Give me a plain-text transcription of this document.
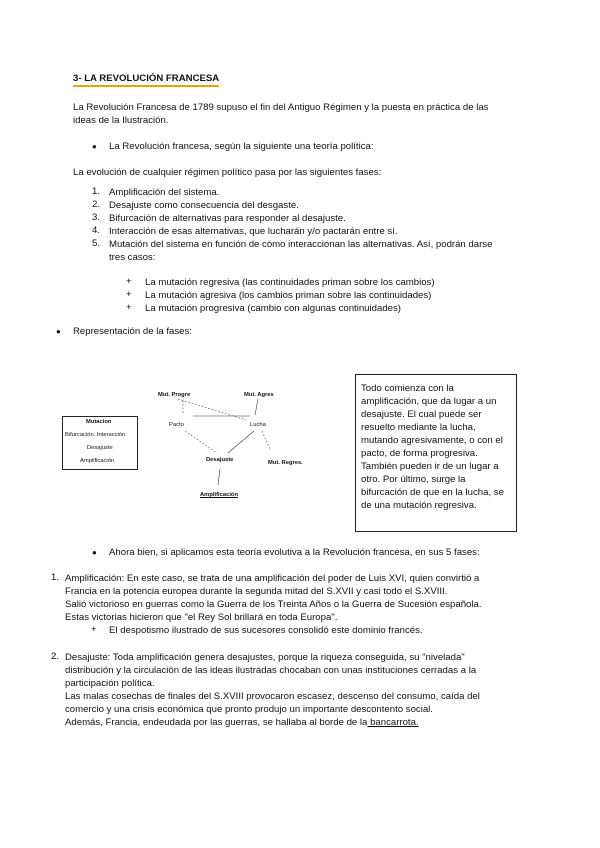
3- LA REVOLUCIÓN FRANCESA
La Revolución Francesa de 1789 supuso el fin del Antiguo Régimen y la puesta en práctica de las
ideas de la Ilustración.
● La Revolución francesa, según la siguiente una teoría política:
La evolución de cualquier régimen político pasa por las siguientes fases:
1. Amplificación del sistema.
2. Desajuste como consecuencia del desgaste.
3. Bifurcación de alternativas para responder al desajuste.
4. Interacción de esas alternativas, que lucharán y/o pactarán entre sí.
5. Mutación del sistema en función de cómo interaccionan las alternativas. Así, podrán darse
tres casos:
+ La mutación regresiva (las continuidades priman sobre los cambios)
+ La mutación agresiva (los cambios priman sobre las continuidades)
+ La mutación progresiva (cambio con algunas continuidades)
● Representación de la fases:
Mutacion
Bifurcación. Interacción
Desajuste
Amplificación
Mut. Progre	Mut. Agres
Pacto	Lucha
Desajuste	Mut. Regres.
Amplificación
Todo comienza con la amplificación, que da lugar a un desajuste. El cual puede ser resuelto mediante la lucha, mutando agresivamente, o con el pacto, de forma progresiva. También pueden ir de un lugar a otro. Por último, surge la bifurcación de que en la lucha, se de una mutación regresiva.
● Ahora bien, si aplicamos esta teoría evolutiva a la Revolución francesa, en sus 5 fases:
1. Amplificación: En este caso, se trata de una amplificación del poder de Luis XVI, quien convirtió a
Francia en la potencia europea durante la segunda mitad del S.XVII y casi todo el S.XVIII.
Salió victorioso en guerras como la Guerra de los Treinta Años o la Guerra de Sucesión española.
Estas victorias hicieron que "el Rey Sol brillará en toda Europa".
+ El despotismo ilustrado de sus sucesores consolidó este dominio francés.
2. Desajuste: Toda amplificación genera desajustes, porque la riqueza conseguida, su "nivelada"
distribución y la circulación de las ideas ilustradas chocaban con unas instituciones cerradas a la
participación política.
Las malas cosechas de finales del S.XVIII provocaron escasez, descenso del consumo, caída del
comercio y una crisis económica que pronto produjo un importante descontento social.
Además, Francia, endeudada por las guerras, se hallaba al borde de la bancarrota.
